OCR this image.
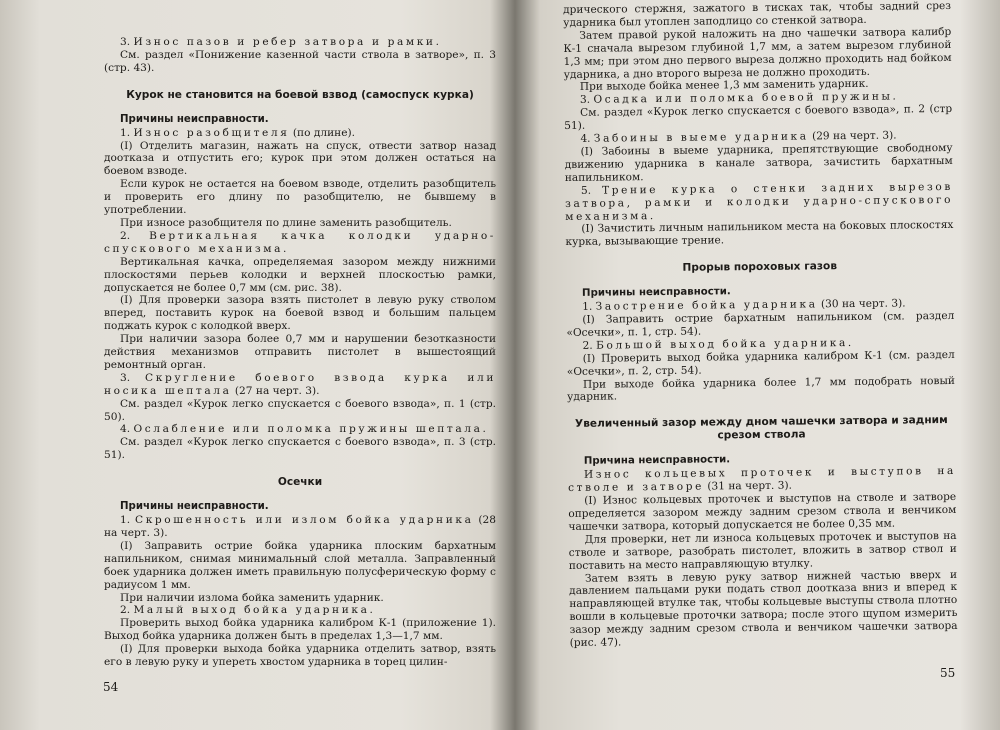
3. Износ пазов и ребер затвора и рамки.

См. раздел «Понижение казенной части ствола в затворе», п. 3 (стр. 43).

Курок не становится на боевой взвод (самоспуск курка)

Причины неисправности.

1. Износ разобщителя (по длине).

(I) Отделить магазин, нажать на спуск, отвести затвор назад доотказа и отпустить его; курок при этом должен остаться на боевом взводе.

Если курок не остается на боевом взводе, отделить разобщитель и проверить его длину по разобщителю, не бывшему в употреблении.

При износе разобщителя по длине заменить разобщитель.

2. Вертикальная качка колодки ударно-спускового механизма.

Вертикальная качка, определяемая зазором между нижними плоскостями перьев колодки и верхней плоскостью рамки, допускается не более 0,7 мм (см. рис. 38).

(I) Для проверки зазора взять пистолет в левую руку стволом вперед, поставить курок на боевой взвод и большим пальцем поджать курок с колодкой вверх.

При наличии зазора более 0,7 мм и нарушении безотказности действия механизмов отправить пистолет в вышестоящий ремонтный орган.

3. Скругление боевого взвода курка или носика шептала (27 на черт. 3).

См. раздел «Курок легко спускается с боевого взвода», п. 1 (стр. 50).

4. Ослабление или поломка пружины шептала.

См. раздел «Курок легко спускается с боевого взвода», п. 3 (стр. 51).

Осечки

Причины неисправности.

1. Скрошенность или излом бойка ударника (28 на черт. 3).

(I) Заправить острие бойка ударника плоским бархатным напильником, снимая минимальный слой металла. Заправленный боек ударника должен иметь правильную полусферическую форму с радиусом 1 мм.

При наличии излома бойка заменить ударник.

2. Малый выход бойка ударника.

Проверить выход бойка ударника калибром К-1 (приложение 1). Выход бойка ударника должен быть в пределах 1,3—1,7 мм.

(I) Для проверки выхода бойка ударника отделить затвор, взять его в левую руку и упереть хвостом ударника в торец цилин-

54

дрического стержня, зажатого в тисках так, чтобы задний срез ударника был утоплен заподлицо со стенкой затвора.

Затем правой рукой наложить на дно чашечки затвора калибр К-1 сначала вырезом глубиной 1,7 мм, а затем вырезом глубиной 1,3 мм; при этом дно первого выреза должно проходить над бойком ударника, а дно второго выреза не должно проходить.

При выходе бойка менее 1,3 мм заменить ударник.

3. Осадка или поломка боевой пружины.

См. раздел «Курок легко спускается с боевого взвода», п. 2 (стр 51).

4. Забоины в выеме ударника (29 на черт. 3).

(I) Забоины в выеме ударника, препятствующие свободному движению ударника в канале затвора, зачистить бархатным напильником.

5. Трение курка о стенки задних вырезов затвора, рамки и колодки ударно-спускового механизма.

(I) Зачистить личным напильником места на боковых плоскостях курка, вызывающие трение.

Прорыв пороховых газов

Причины неисправности.

1. Заострение бойка ударника (30 на черт. 3).

(I) Заправить острие бархатным напильником (см. раздел «Осечки», п. 1, стр. 54).

2. Большой выход бойка ударника.

(I) Проверить выход бойка ударника калибром К-1 (см. раздел «Осечки», п. 2, стр. 54).

При выходе бойка ударника более 1,7 мм подобрать новый ударник.

Увеличенный зазор между дном чашечки затвора и задним срезом ствола

Причина неисправности.

Износ кольцевых проточек и выступов на стволе и затворе (31 на черт. 3).

(I) Износ кольцевых проточек и выступов на стволе и затворе определяется зазором между задним срезом ствола и венчиком чашечки затвора, который допускается не более 0,35 мм.

Для проверки, нет ли износа кольцевых проточек и выступов на стволе и затворе, разобрать пистолет, вложить в затвор ствол и поставить на место направляющую втулку.

Затем взять в левую руку затвор нижней частью вверх и давлением пальцами руки подать ствол доотказа вниз и вперед к направляющей втулке так, чтобы кольцевые выступы ствола плотно вошли в кольцевые проточки затвора; после этого щупом измерить зазор между задним срезом ствола и венчиком чашечки затвора (рис. 47).

55
